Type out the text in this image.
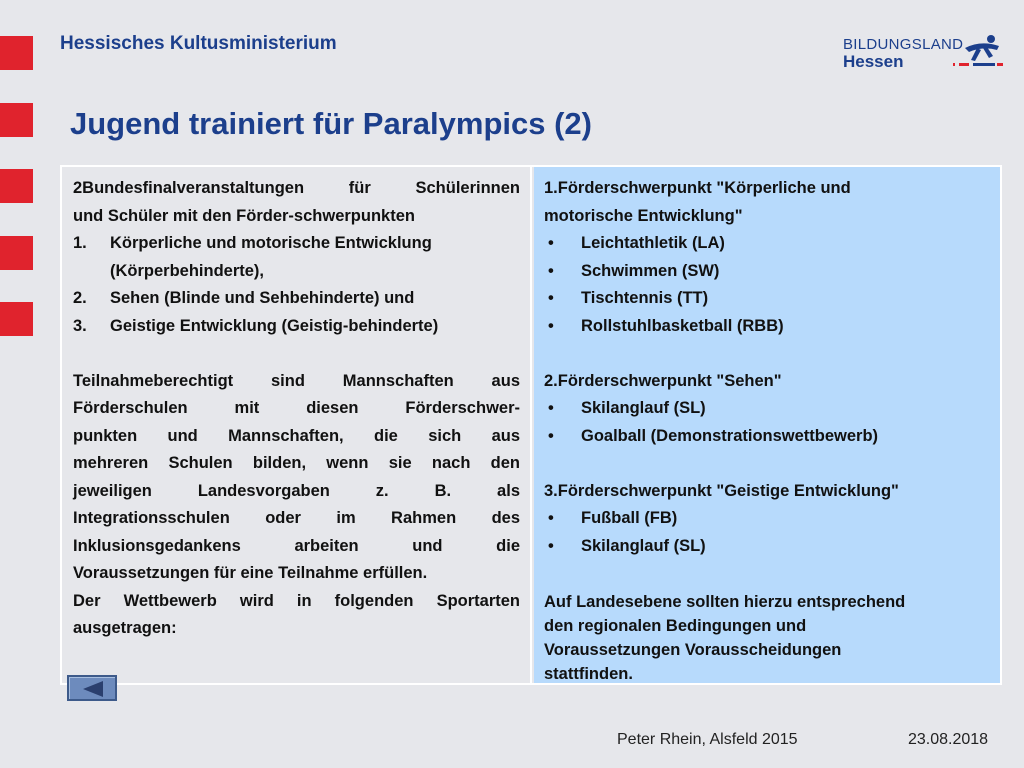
Hessisches Kultusministerium	BILDUNGSLAND
Hessen
Jugend trainiert für Paralympics (2)
2Bundesfinalveranstaltungen für Schülerinnen
und Schüler mit den Förder-schwerpunkten
1.	Körperliche und motorische Entwicklung
(Körperbehinderte),
2.	Sehen (Blinde und Sehbehinderte) und
3.	Geistige Entwicklung (Geistig-behinderte)
Teilnahmeberechtigt sind Mannschaften aus
Förderschulen mit diesen Förderschwer-
punkten und Mannschaften, die sich aus
mehreren Schulen bilden, wenn sie nach den
jeweiligen Landesvorgaben z. B. als
Integrationsschulen oder im Rahmen des
Inklusionsgedankens arbeiten und die
Voraussetzungen für eine Teilnahme erfüllen.
Der Wettbewerb wird in folgenden Sportarten
ausgetragen:
1.Förderschwerpunkt "Körperliche und
motorische Entwicklung"
•	Leichtathletik (LA)
•	Schwimmen (SW)
•	Tischtennis (TT)
•	Rollstuhlbasketball (RBB)
2.Förderschwerpunkt "Sehen"
•	Skilanglauf (SL)
•	Goalball (Demonstrationswettbewerb)
3.Förderschwerpunkt "Geistige Entwicklung"
•	Fußball (FB)
•	Skilanglauf (SL)
Auf Landesebene sollten hierzu entsprechend
den regionalen Bedingungen und
Voraussetzungen Vorausscheidungen
stattfinden.
Peter Rhein, Alsfeld 2015	23.08.2018
